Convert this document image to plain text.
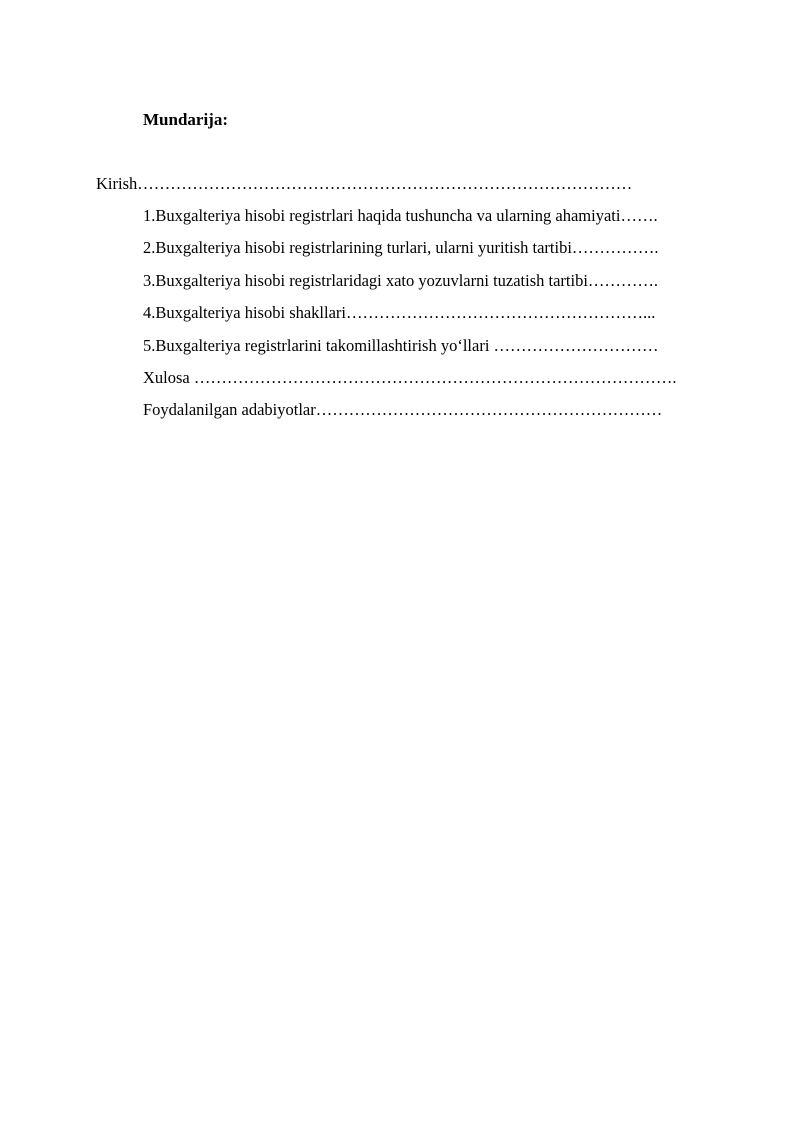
Mundarija:
Kirish………………………………………………………………………………
1.Buxgalteriya hisobi registrlari haqida tushuncha va ularning ahamiyati…….
2.Buxgalteriya hisobi registrlarining turlari, ularni yuritish tartibi…………….
3.Buxgalteriya hisobi registrlaridagi xato yozuvlarni tuzatish tartibi………….
4.Buxgalteriya hisobi shakllari………………………………………………...
5.Buxgalteriya registrlarini takomillashtirish yo‘llari …………………………
Xulosa …………………………………………………………………………….
Foydalanilgan adabiyotlar………………………………………………………
